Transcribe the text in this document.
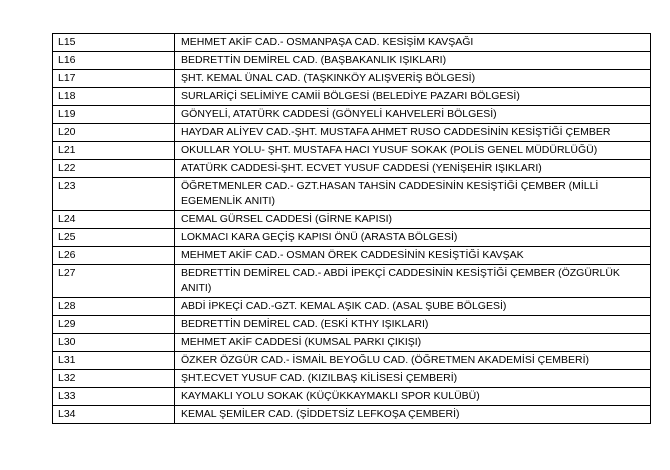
L15	MEHMET AKİF CAD.- OSMANPAŞA CAD. KESİŞİM KAVŞAĞI
L16	BEDRETTİN DEMİREL CAD. (BAŞBAKANLIK IŞIKLARI)
L17	ŞHT. KEMAL ÜNAL CAD. (TAŞKINKÖY ALIŞVERİŞ BÖLGESİ)
L18	SURLARİÇİ SELİMİYE CAMİİ BÖLGESİ (BELEDİYE PAZARI BÖLGESİ)
L19	GÖNYELİ, ATATÜRK CADDESİ (GÖNYELİ KAHVELERİ BÖLGESİ)
L20	HAYDAR ALİYEV CAD.-ŞHT. MUSTAFA AHMET RUSO CADDESİNİN KESİŞTİĞİ ÇEMBER
L21	OKULLAR YOLU- ŞHT. MUSTAFA HACI YUSUF SOKAK (POLİS GENEL MÜDÜRLÜĞÜ)
L22	ATATÜRK CADDESİ-ŞHT. ECVET YUSUF CADDESİ (YENİŞEHİR IŞIKLARI)
L23	ÖĞRETMENLER CAD.- GZT.HASAN TAHSİN CADDESİNİN KESİŞTİĞİ ÇEMBER (MİLLİ EGEMENLİK ANITI)
L24	CEMAL GÜRSEL CADDESİ (GİRNE KAPISI)
L25	LOKMACI KARA GEÇİŞ KAPISI ÖNÜ (ARASTA BÖLGESİ)
L26	MEHMET AKİF CAD.- OSMAN ÖREK CADDESİNİN KESİŞTİĞİ KAVŞAK
L27	BEDRETTİN DEMİREL CAD.- ABDİ İPEKÇİ CADDESİNİN KESİŞTİĞİ ÇEMBER (ÖZGÜRLÜK ANITI)
L28	ABDİ İPKEÇİ CAD.-GZT. KEMAL AŞIK CAD. (ASAL ŞUBE BÖLGESİ)
L29	BEDRETTİN DEMİREL CAD. (ESKİ KTHY IŞIKLARI)
L30	MEHMET AKİF CADDESİ (KUMSAL PARKI ÇIKIŞI)
L31	ÖZKER ÖZGÜR CAD.- İSMAİL BEYOĞLU CAD. (ÖĞRETMEN AKADEMİSİ ÇEMBERİ)
L32	ŞHT.ECVET YUSUF CAD. (KIZILBAŞ KİLİSESİ ÇEMBERİ)
L33	KAYMAKLI YOLU SOKAK (KÜÇÜKKAYMAKLI SPOR KULÜBÜ)
L34	KEMAL ŞEMİLER CAD. (ŞİDDETSİZ LEFKOŞA ÇEMBERİ)
